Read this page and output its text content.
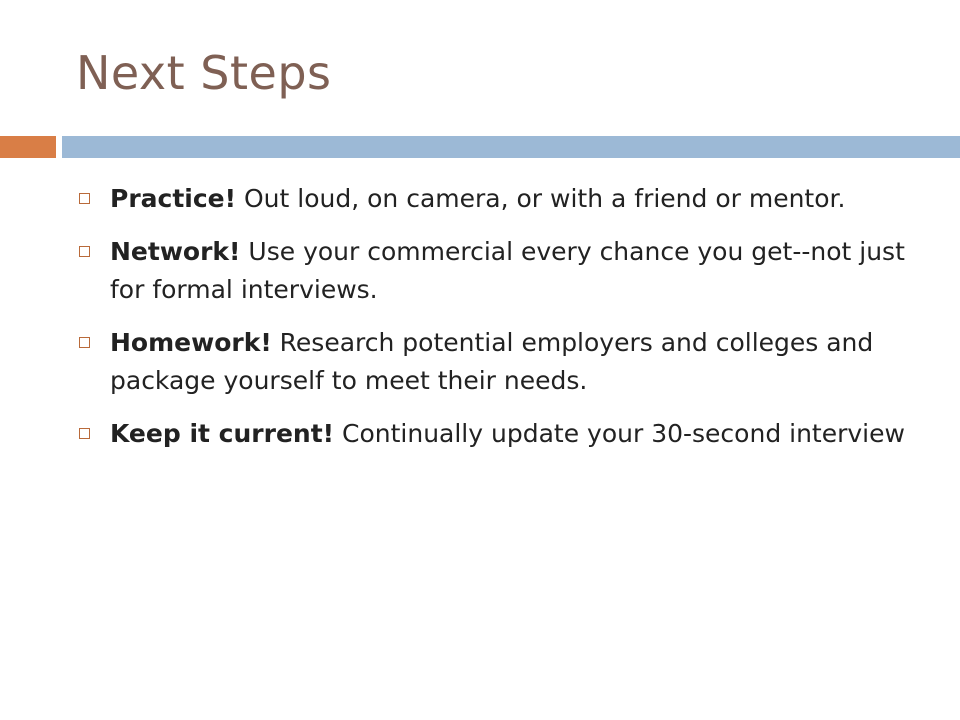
Next Steps
Practice! Out loud, on camera, or with a friend or mentor.
Network! Use your commercial every chance you get--not just for formal interviews.
Homework! Research potential employers and colleges and package yourself to meet their needs.
Keep it current! Continually update your 30-second interview
